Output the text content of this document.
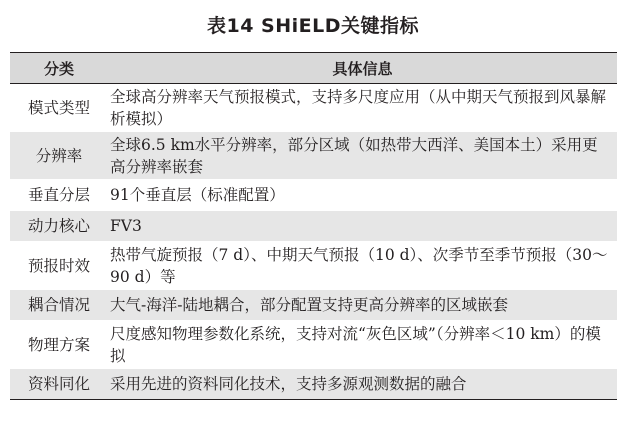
表14 SHiELD关键指标
分类	具体信息
模式类型	全球高分辨率天气预报模式，支持多尺度应用（从中期天气预报到风暴解析模拟）
分辨率	全球6.5 km水平分辨率，部分区域（如热带大西洋、美国本土）采用更高分辨率嵌套
垂直分层	91个垂直层（标准配置）
动力核心	FV3
预报时效	热带气旋预报（7 d）、中期天气预报（10 d）、次季节至季节预报（30～90 d）等
耦合情况	大气-海洋-陆地耦合，部分配置支持更高分辨率的区域嵌套
物理方案	尺度感知物理参数化系统，支持对流“灰色区域”（分辨率＜10 km）的模拟
资料同化	采用先进的资料同化技术，支持多源观测数据的融合
